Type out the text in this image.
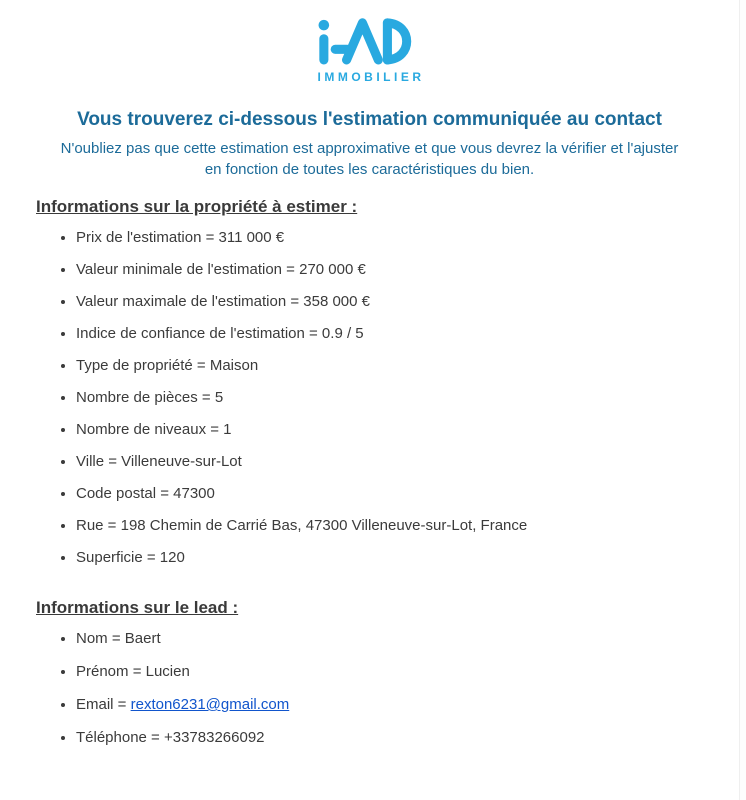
IMMOBILIER
Vous trouverez ci-dessous l'estimation communiquée au contact

N'oubliez pas que cette estimation est approximative et que vous devrez la vérifier et l'ajuster
en fonction de toutes les caractéristiques du bien.

Informations sur la propriété à estimer :
• Prix de l'estimation = 311 000 €
• Valeur minimale de l'estimation = 270 000 €
• Valeur maximale de l'estimation = 358 000 €
• Indice de confiance de l'estimation = 0.9 / 5
• Type de propriété = Maison
• Nombre de pièces = 5
• Nombre de niveaux = 1
• Ville = Villeneuve-sur-Lot
• Code postal = 47300
• Rue = 198 Chemin de Carrié Bas, 47300 Villeneuve-sur-Lot, France
• Superficie = 120
Informations sur le lead :
• Nom = Baert
• Prénom = Lucien
• Email = rexton6231@gmail.com
• Téléphone = +33783266092
